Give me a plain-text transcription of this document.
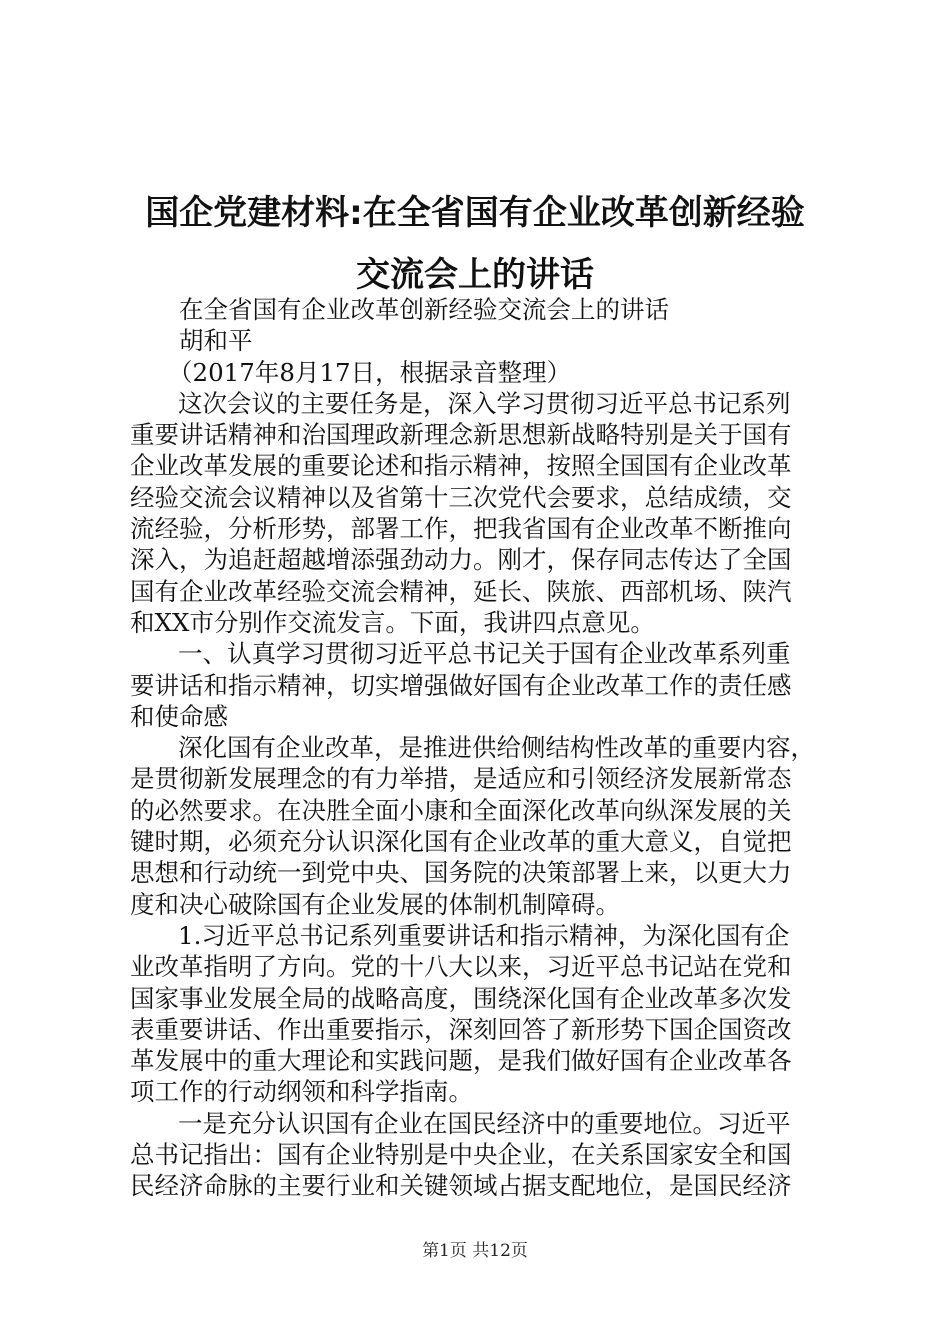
国企党建材料:在全省国有企业改革创新经验
交流会上的讲话
在全省国有企业改革创新经验交流会上的讲话
胡和平
（2017年8月17日，根据录音整理）
这次会议的主要任务是，深入学习贯彻习近平总书记系列
重要讲话精神和治国理政新理念新思想新战略特别是关于国有
企业改革发展的重要论述和指示精神，按照全国国有企业改革
经验交流会议精神以及省第十三次党代会要求，总结成绩，交
流经验，分析形势，部署工作，把我省国有企业改革不断推向
深入，为追赶超越增添强劲动力。刚才，保存同志传达了全国
国有企业改革经验交流会精神，延长、陕旅、西部机场、陕汽
和XX市分别作交流发言。下面，我讲四点意见。
一、认真学习贯彻习近平总书记关于国有企业改革系列重
要讲话和指示精神，切实增强做好国有企业改革工作的责任感
和使命感
深化国有企业改革，是推进供给侧结构性改革的重要内容，
是贯彻新发展理念的有力举措，是适应和引领经济发展新常态
的必然要求。在决胜全面小康和全面深化改革向纵深发展的关
键时期，必须充分认识深化国有企业改革的重大意义，自觉把
思想和行动统一到党中央、国务院的决策部署上来，以更大力
度和决心破除国有企业发展的体制机制障碍。
1.习近平总书记系列重要讲话和指示精神，为深化国有企
业改革指明了方向。党的十八大以来，习近平总书记站在党和
国家事业发展全局的战略高度，围绕深化国有企业改革多次发
表重要讲话、作出重要指示，深刻回答了新形势下国企国资改
革发展中的重大理论和实践问题，是我们做好国有企业改革各
项工作的行动纲领和科学指南。
一是充分认识国有企业在国民经济中的重要地位。习近平
总书记指出：国有企业特别是中央企业，在关系国家安全和国
民经济命脉的主要行业和关键领域占据支配地位，是国民经济
第1页 共12页
